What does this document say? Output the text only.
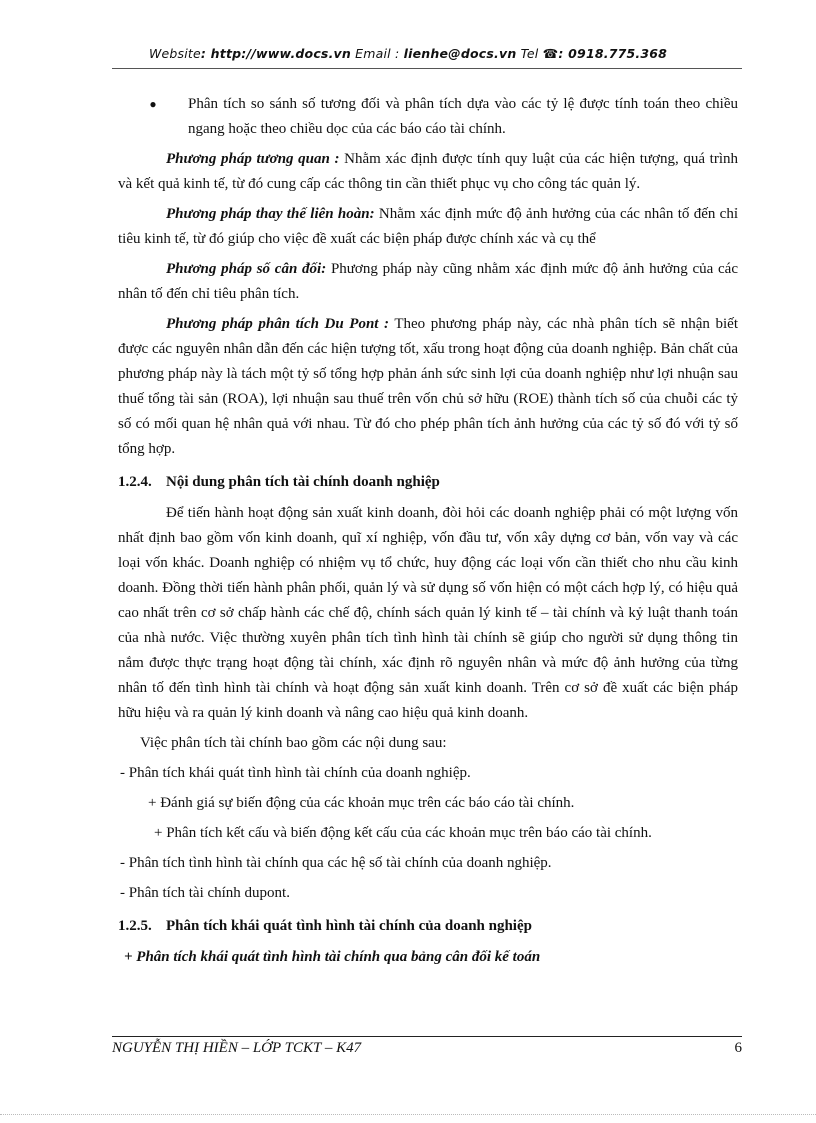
Website: http://www.docs.vn Email : lienhe@docs.vn Tel ☎: 0918.775.368
●	Phân tích so sánh số tương đối và phân tích dựa vào các tỷ lệ được tính toán theo chiều ngang hoặc theo chiều dọc của các báo cáo tài chính.

Phương pháp tương quan : Nhằm xác định được tính quy luật của các hiện tượng, quá trình và kết quả kinh tế, từ đó cung cấp các thông tin cần thiết phục vụ cho công tác quản lý.

Phương pháp thay thế liên hoàn: Nhằm xác định mức độ ảnh hưởng của các nhân tố đến chỉ tiêu kinh tế, từ đó giúp cho việc đề xuất các biện pháp được chính xác và cụ thể

Phương pháp số cân đối: Phương pháp này cũng nhằm xác định mức độ ảnh hưởng của các nhân tố đến chỉ tiêu phân tích.

Phương pháp phân tích Du Pont : Theo phương pháp này, các nhà phân tích sẽ nhận biết được các nguyên nhân dẫn đến các hiện tượng tốt, xấu trong hoạt động của doanh nghiệp. Bản chất của phương pháp này là tách một tỷ số tổng hợp phản ánh sức sinh lợi của doanh nghiệp như lợi nhuận sau thuế tổng tài sản (ROA), lợi nhuận sau thuế trên vốn chủ sở hữu (ROE) thành tích số của chuỗi các tỷ số có mối quan hệ nhân quả với nhau. Từ đó cho phép phân tích ảnh hưởng của các tỷ số đó với tỷ số tổng hợp.

1.2.4. Nội dung phân tích tài chính doanh nghiệp

Để tiến hành hoạt động sản xuất kinh doanh, đòi hỏi các doanh nghiệp phải có một lượng vốn nhất định bao gồm vốn kinh doanh, quĩ xí nghiệp, vốn đầu tư, vốn xây dựng cơ bản, vốn vay và các loại vốn khác. Doanh nghiệp có nhiệm vụ tổ chức, huy động các loại vốn cần thiết cho nhu cầu kinh doanh. Đồng thời tiến hành phân phối, quản lý và sử dụng số vốn hiện có một cách hợp lý, có hiệu quả cao nhất trên cơ sở chấp hành các chế độ, chính sách quản lý kinh tế – tài chính và kỷ luật thanh toán của nhà nước. Việc thường xuyên phân tích tình hình tài chính sẽ giúp cho người sử dụng thông tin nắm được thực trạng hoạt động tài chính, xác định rõ nguyên nhân và mức độ ảnh hưởng của từng nhân tố đến tình hình tài chính và hoạt động sản xuất kinh doanh. Trên cơ sở đề xuất các biện pháp hữu hiệu và ra quản lý kinh doanh và nâng cao hiệu quả kinh doanh.

Việc phân tích tài chính bao gồm các nội dung sau:

- Phân tích khái quát tình hình tài chính của doanh nghiệp.

+ Đánh giá sự biến động của các khoản mục trên các báo cáo tài chính.

+ Phân tích kết cấu và biến động kết cấu của các khoản mục trên báo cáo tài chính.

- Phân tích tình hình tài chính qua các hệ số tài chính của doanh nghiệp.

- Phân tích tài chính dupont.

1.2.5. Phân tích khái quát tình hình tài chính của doanh nghiệp

+ Phân tích khái quát tình hình tài chính qua bảng cân đối kế toán

NGUYỄN THỊ HIỀN – LỚP TCKT – K47	6
